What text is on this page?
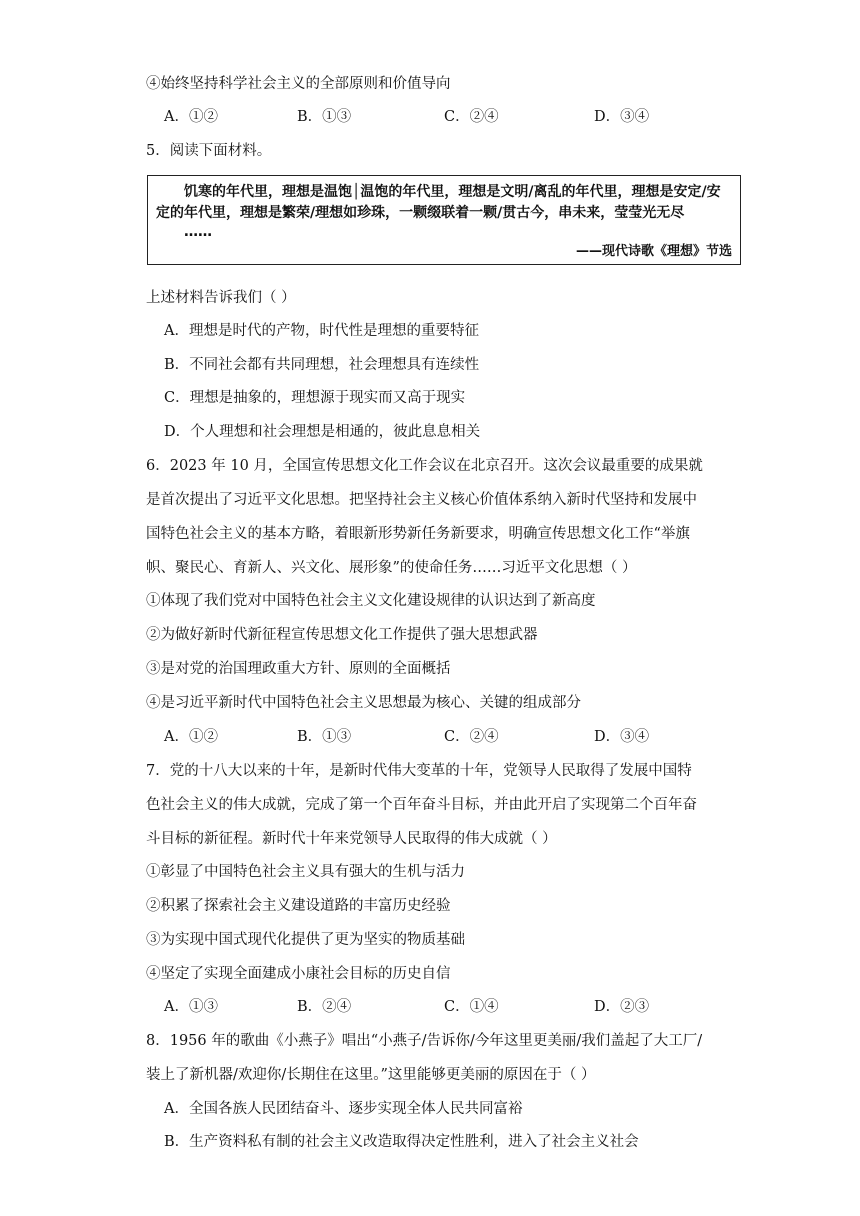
④始终坚持科学社会主义的全部原则和价值导向
A．①②	B．①③	C．②④	D．③④
5．阅读下面材料。
饥寒的年代里，理想是温饱│温饱的年代里，理想是文明/离乱的年代里，理想是安定/安
定的年代里，理想是繁荣/理想如珍珠，一颗缀联着一颗/贯古今，串未来，莹莹光无尽
……
——现代诗歌《理想》节选
上述材料告诉我们（ ）
A．理想是时代的产物，时代性是理想的重要特征
B．不同社会都有共同理想，社会理想具有连续性
C．理想是抽象的，理想源于现实而又高于现实
D．个人理想和社会理想是相通的，彼此息息相关
6．2023 年 10 月，全国宣传思想文化工作会议在北京召开。这次会议最重要的成果就
是首次提出了习近平文化思想。把坚持社会主义核心价值体系纳入新时代坚持和发展中
国特色社会主义的基本方略，着眼新形势新任务新要求，明确宣传思想文化工作“举旗
帜、聚民心、育新人、兴文化、展形象”的使命任务……习近平文化思想（ ）
①体现了我们党对中国特色社会主义文化建设规律的认识达到了新高度
②为做好新时代新征程宣传思想文化工作提供了强大思想武器
③是对党的治国理政重大方针、原则的全面概括
④是习近平新时代中国特色社会主义思想最为核心、关键的组成部分
A．①②	B．①③	C．②④	D．③④
7．党的十八大以来的十年，是新时代伟大变革的十年，党领导人民取得了发展中国特
色社会主义的伟大成就，完成了第一个百年奋斗目标，并由此开启了实现第二个百年奋
斗目标的新征程。新时代十年来党领导人民取得的伟大成就（ ）
①彰显了中国特色社会主义具有强大的生机与活力
②积累了探索社会主义建设道路的丰富历史经验
③为实现中国式现代化提供了更为坚实的物质基础
④坚定了实现全面建成小康社会目标的历史自信
A．①③	B．②④	C．①④	D．②③
8．1956 年的歌曲《小燕子》唱出“小燕子/告诉你/今年这里更美丽/我们盖起了大工厂/
装上了新机器/欢迎你/长期住在这里。”这里能够更美丽的原因在于（ ）
A．全国各族人民团结奋斗、逐步实现全体人民共同富裕
B．生产资料私有制的社会主义改造取得决定性胜利，进入了社会主义社会
